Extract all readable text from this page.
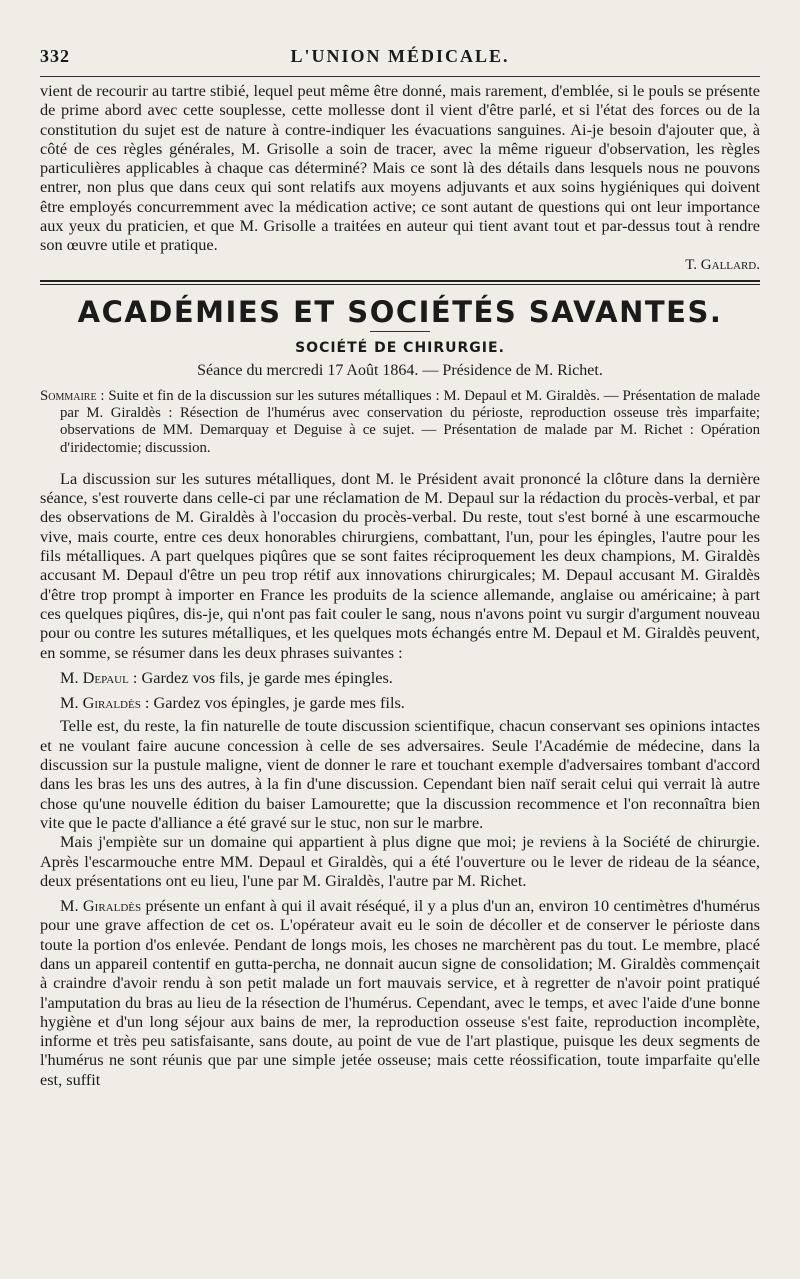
332	L'UNION MÉDICALE.

vient de recourir au tartre stibié, lequel peut même être donné, mais rarement, d'emblée, si le pouls se présente de prime abord avec cette souplesse, cette mollesse dont il vient d'être parlé, et si l'état des forces ou de la constitution du sujet est de nature à contre-indiquer les évacuations sanguines. Ai-je besoin d'ajouter que, à côté de ces règles générales, M. Grisolle a soin de tracer, avec la même rigueur d'observation, les règles particulières applicables à chaque cas déterminé? Mais ce sont là des détails dans lesquels nous ne pouvons entrer, non plus que dans ceux qui sont relatifs aux moyens adjuvants et aux soins hygiéniques qui doivent être employés concurremment avec la médication active; ce sont autant de questions qui ont leur importance aux yeux du praticien, et que M. Grisolle a traitées en auteur qui tient avant tout et par-dessus tout à rendre son œuvre utile et pratique.

T. Gallard.
ACADÉMIES ET SOCIÉTÉS SAVANTES.
SOCIÉTÉ DE CHIRURGIE.
Séance du mercredi 17 Août 1864. — Présidence de M. Richet.
Sommaire : Suite et fin de la discussion sur les sutures métalliques : M. Depaul et M. Giraldès. — Présentation de malade par M. Giraldès : Résection de l'humérus avec conservation du périoste, reproduction osseuse très imparfaite; observations de MM. Demarquay et Deguise à ce sujet. — Présentation de malade par M. Richet : Opération d'iridectomie; discussion.

La discussion sur les sutures métalliques, dont M. le Président avait prononcé la clôture dans la dernière séance, s'est rouverte dans celle-ci par une réclamation de M. Depaul sur la rédaction du procès-verbal, et par des observations de M. Giraldès à l'occasion du procès-verbal. Du reste, tout s'est borné à une escarmouche vive, mais courte, entre ces deux honorables chirurgiens, combattant, l'un, pour les épingles, l'autre pour les fils métalliques. A part quelques piqûres que se sont faites réciproquement les deux champions, M. Giraldès accusant M. Depaul d'être un peu trop rétif aux innovations chirurgicales; M. Depaul accusant M. Giraldès d'être trop prompt à importer en France les produits de la science allemande, anglaise ou américaine; à part ces quelques piqûres, dis-je, qui n'ont pas fait couler le sang, nous n'avons point vu surgir d'argument nouveau pour ou contre les sutures métalliques, et les quelques mots échangés entre M. Depaul et M. Giraldès peuvent, en somme, se résumer dans les deux phrases suivantes :

M. Depaul : Gardez vos fils, je garde mes épingles.
M. Giraldès : Gardez vos épingles, je garde mes fils.

Telle est, du reste, la fin naturelle de toute discussion scientifique, chacun conservant ses opinions intactes et ne voulant faire aucune concession à celle de ses adversaires. Seule l'Académie de médecine, dans la discussion sur la pustule maligne, vient de donner le rare et touchant exemple d'adversaires tombant d'accord dans les bras les uns des autres, à la fin d'une discussion. Cependant bien naïf serait celui qui verrait là autre chose qu'une nouvelle édition du baiser Lamourette; que la discussion recommence et l'on reconnaîtra bien vite que le pacte d'alliance a été gravé sur le stuc, non sur le marbre.

Mais j'empiète sur un domaine qui appartient à plus digne que moi; je reviens à la Société de chirurgie. Après l'escarmouche entre MM. Depaul et Giraldès, qui a été l'ouverture ou le lever de rideau de la séance, deux présentations ont eu lieu, l'une par M. Giraldès, l'autre par M. Richet.

M. Giraldès présente un enfant à qui il avait réséqué, il y a plus d'un an, environ 10 centimètres d'humérus pour une grave affection de cet os. L'opérateur avait eu le soin de décoller et de conserver le périoste dans toute la portion d'os enlevée. Pendant de longs mois, les choses ne marchèrent pas du tout. Le membre, placé dans un appareil contentif en gutta-percha, ne donnait aucun signe de consolidation; M. Giraldès commençait à craindre d'avoir rendu à son petit malade un fort mauvais service, et à regretter de n'avoir point pratiqué l'amputation du bras au lieu de la résection de l'humérus. Cependant, avec le temps, et avec l'aide d'une bonne hygiène et d'un long séjour aux bains de mer, la reproduction osseuse s'est faite, reproduction incomplète, informe et très peu satisfaisante, sans doute, au point de vue de l'art plastique, puisque les deux segments de l'humérus ne sont réunis que par une simple jetée osseuse; mais cette réossification, toute imparfaite qu'elle est, suffit
